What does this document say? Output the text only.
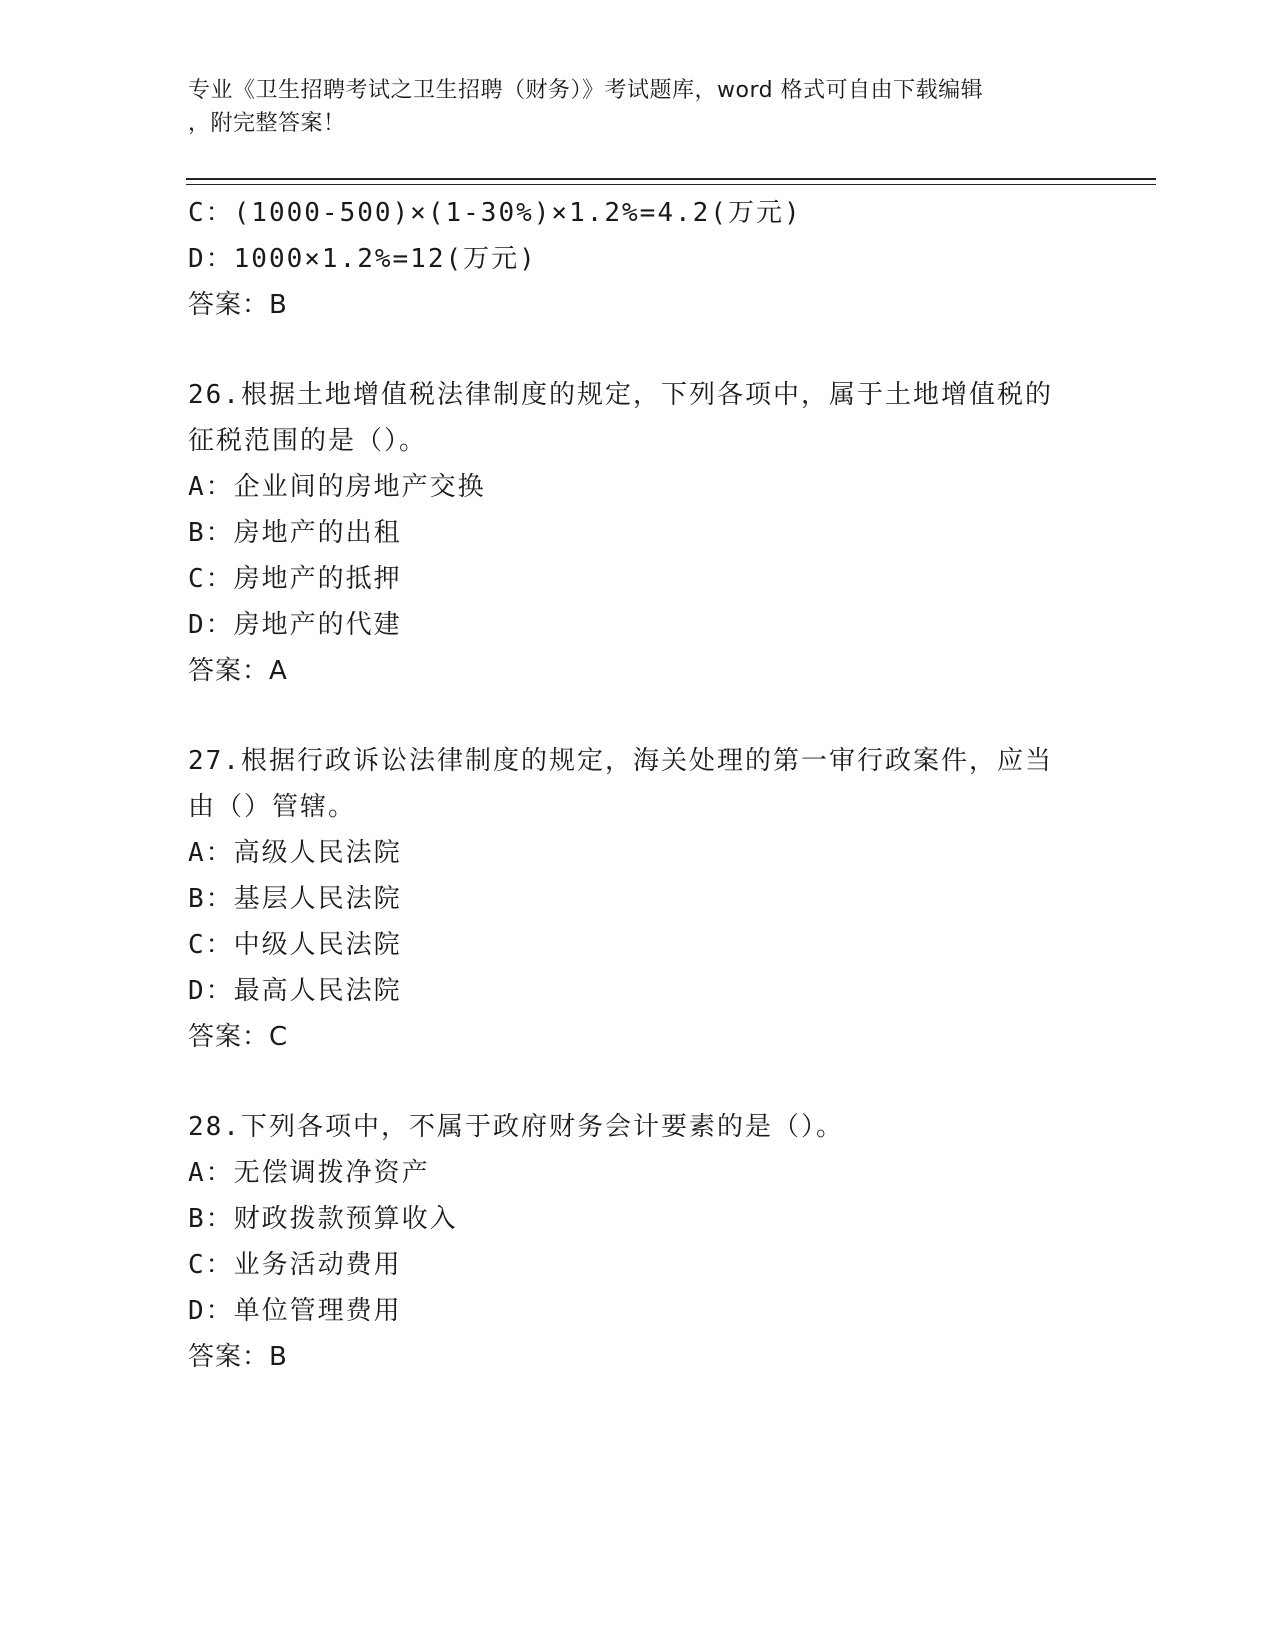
专业《卫生招聘考试之卫生招聘（财务）》考试题库，word 格式可自由下载编辑
，附完整答案！
C：(1000-500)×(1-30%)×1.2%=4.2(万元)
D：1000×1.2%=12(万元)
答案：B
26.根据土地增值税法律制度的规定，下列各项中，属于土地增值税的
征税范围的是（）。
A：企业间的房地产交换
B：房地产的出租
C：房地产的抵押
D：房地产的代建
答案：A
27.根据行政诉讼法律制度的规定，海关处理的第一审行政案件，应当
由（）管辖。
A：高级人民法院
B：基层人民法院
C：中级人民法院
D：最高人民法院
答案：C
28.下列各项中，不属于政府财务会计要素的是（）。
A：无偿调拨净资产
B：财政拨款预算收入
C：业务活动费用
D：单位管理费用
答案：B
